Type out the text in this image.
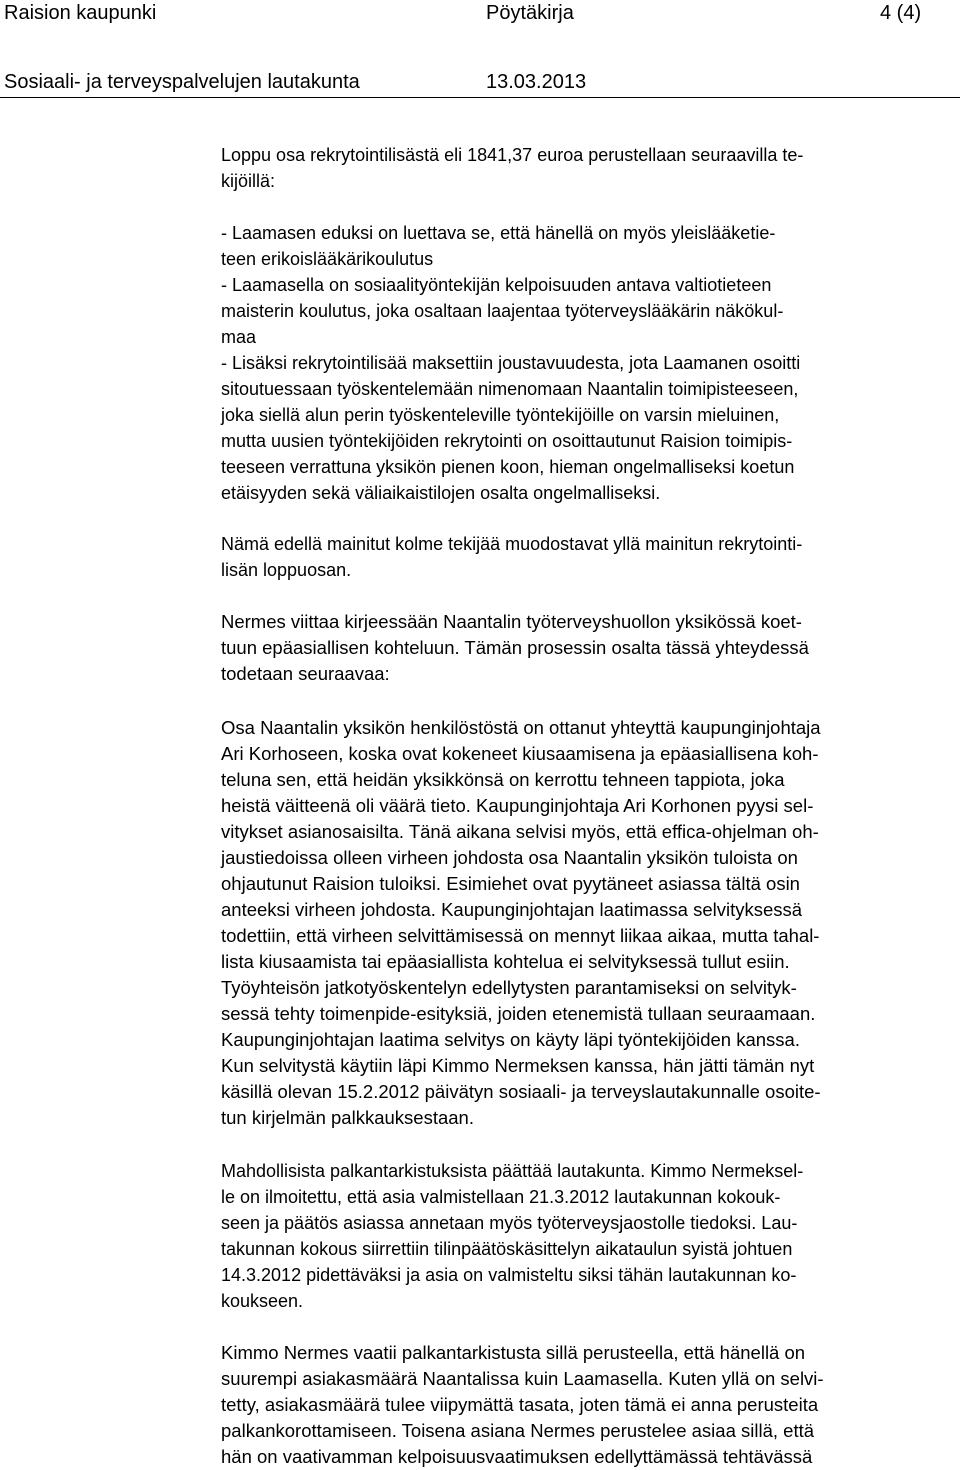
Raision kaupunki	Pöytäkirja	4 (4)
Sosiaali- ja terveyspalvelujen lautakunta	13.03.2013

Loppu osa rekrytointilisästä eli 1841,37 euroa perustellaan seuraavilla te-
kijöillä:

- Laamasen eduksi on luettava se, että hänellä on myös yleislääketie-
teen erikoislääkärikoulutus
- Laamasella on sosiaalityöntekijän kelpoisuuden antava valtiotieteen
maisterin koulutus, joka osaltaan laajentaa työterveyslääkärin näkökul-
maa
- Lisäksi rekrytointilisää maksettiin joustavuudesta, jota Laamanen osoitti
sitoutuessaan työskentelemään nimenomaan Naantalin toimipisteeseen,
joka siellä alun perin työskenteleville työntekijöille on varsin mieluinen,
mutta uusien työntekijöiden rekrytointi on osoittautunut Raision toimipis-
teeseen verrattuna yksikön pienen koon, hieman ongelmalliseksi koetun
etäisyyden sekä väliaikaistilojen osalta ongelmalliseksi.

Nämä edellä mainitut kolme tekijää muodostavat yllä mainitun rekrytointi-
lisän loppuosan.

Nermes viittaa kirjeessään Naantalin työterveyshuollon yksikössä koet-
tuun epäasiallisen kohteluun. Tämän prosessin osalta tässä yhteydessä
todetaan seuraavaa:

Osa Naantalin yksikön henkilöstöstä on ottanut yhteyttä kaupunginjohtaja
Ari Korhoseen, koska ovat kokeneet kiusaamisena ja epäasiallisena koh-
teluna sen, että heidän yksikkönsä on kerrottu tehneen tappiota, joka
heistä väitteenä oli väärä tieto. Kaupunginjohtaja Ari Korhonen pyysi sel-
vitykset asianosaisilta. Tänä aikana selvisi myös, että effica-ohjelman oh-
jaustiedoissa olleen virheen johdosta osa Naantalin yksikön tuloista on
ohjautunut Raision tuloiksi. Esimiehet ovat pyytäneet asiassa tältä osin
anteeksi virheen johdosta. Kaupunginjohtajan laatimassa selvityksessä
todettiin, että virheen selvittämisessä on mennyt liikaa aikaa, mutta tahal-
lista kiusaamista tai epäasiallista kohtelua ei selvityksessä tullut esiin.
Työyhteisön jatkotyöskentelyn edellytysten parantamiseksi on selvityk-
sessä tehty toimenpide-esityksiä, joiden etenemistä tullaan seuraamaan.
Kaupunginjohtajan laatima selvitys on käyty läpi työntekijöiden kanssa.
Kun selvitystä käytiin läpi Kimmo Nermeksen kanssa, hän jätti tämän nyt
käsillä olevan 15.2.2012 päivätyn sosiaali- ja terveyslautakunnalle osoite-
tun kirjelmän palkkauksestaan.

Mahdollisista palkantarkistuksista päättää lautakunta. Kimmo Nermeksel-
le on ilmoitettu, että asia valmistellaan 21.3.2012 lautakunnan kokouk-
seen ja päätös asiassa annetaan myös työterveysjaostolle tiedoksi. Lau-
takunnan kokous siirrettiin tilinpäätöskäsittelyn aikataulun syistä johtuen
14.3.2012 pidettäväksi ja asia on valmisteltu siksi tähän lautakunnan ko-
koukseen.

Kimmo Nermes vaatii palkantarkistusta sillä perusteella, että hänellä on
suurempi asiakasmäärä Naantalissa kuin Laamasella. Kuten yllä on selvi-
tetty, asiakasmäärä tulee viipymättä tasata, joten tämä ei anna perusteita
palkankorottamiseen. Toisena asiana Nermes perustelee asiaa sillä, että
hän on vaativamman kelpoisuusvaatimuksen edellyttämässä tehtävässä
